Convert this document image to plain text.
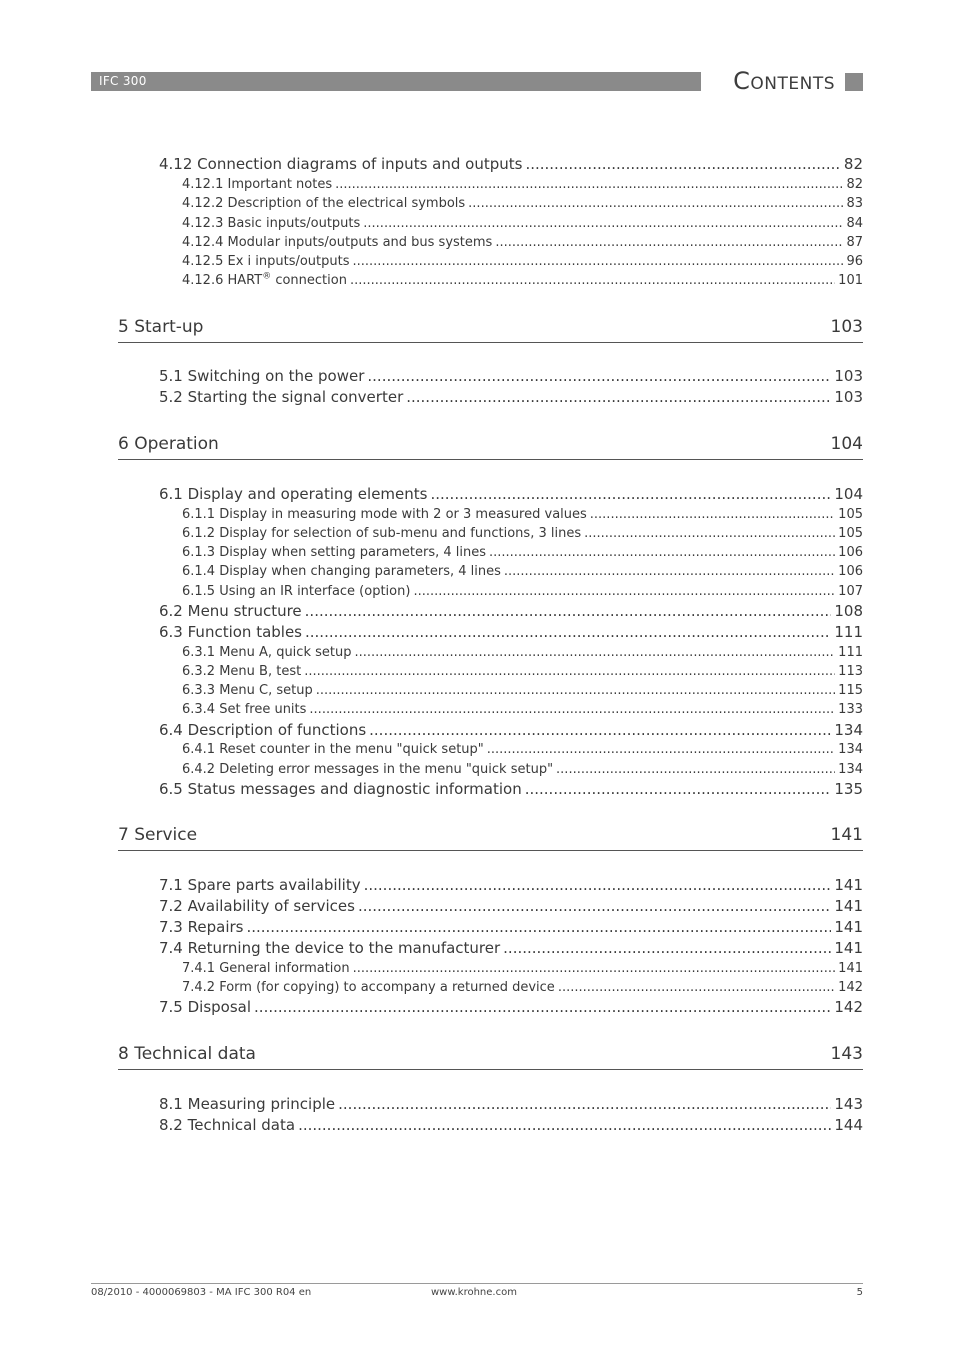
IFC 300	Contents
4.12 Connection diagrams of inputs and outputs .....	82
4.12.1 Important notes .....	82
4.12.2 Description of the electrical symbols .....	83
4.12.3 Basic inputs/outputs .....	84
4.12.4 Modular inputs/outputs and bus systems .....	87
4.12.5 Ex i inputs/outputs .....	96
4.12.6 HART® connection .....	101
5 Start-up	103
5.1 Switching on the power .....	103
5.2 Starting the signal converter .....	103
6 Operation	104
6.1 Display and operating elements .....	104
6.1.1 Display in measuring mode with 2 or 3 measured values .....	105
6.1.2 Display for selection of sub-menu and functions, 3 lines .....	105
6.1.3 Display when setting parameters, 4 lines .....	106
6.1.4 Display when changing parameters, 4 lines .....	106
6.1.5 Using an IR interface (option) .....	107
6.2 Menu structure .....	108
6.3 Function tables .....	111
6.3.1 Menu A, quick setup .....	111
6.3.2 Menu B, test .....	113
6.3.3 Menu C, setup .....	115
6.3.4 Set free units .....	133
6.4 Description of functions .....	134
6.4.1 Reset counter in the menu "quick setup" .....	134
6.4.2 Deleting error messages in the menu "quick setup" .....	134
6.5 Status messages and diagnostic information .....	135
7 Service	141
7.1 Spare parts availability .....	141
7.2 Availability of services .....	141
7.3 Repairs .....	141
7.4 Returning the device to the manufacturer .....	141
7.4.1 General information .....	141
7.4.2 Form (for copying) to accompany a returned device .....	142
7.5 Disposal .....	142
8 Technical data	143
8.1 Measuring principle .....	143
8.2 Technical data .....	144
08/2010 - 4000069803 - MA IFC 300 R04 en	www.krohne.com	5
